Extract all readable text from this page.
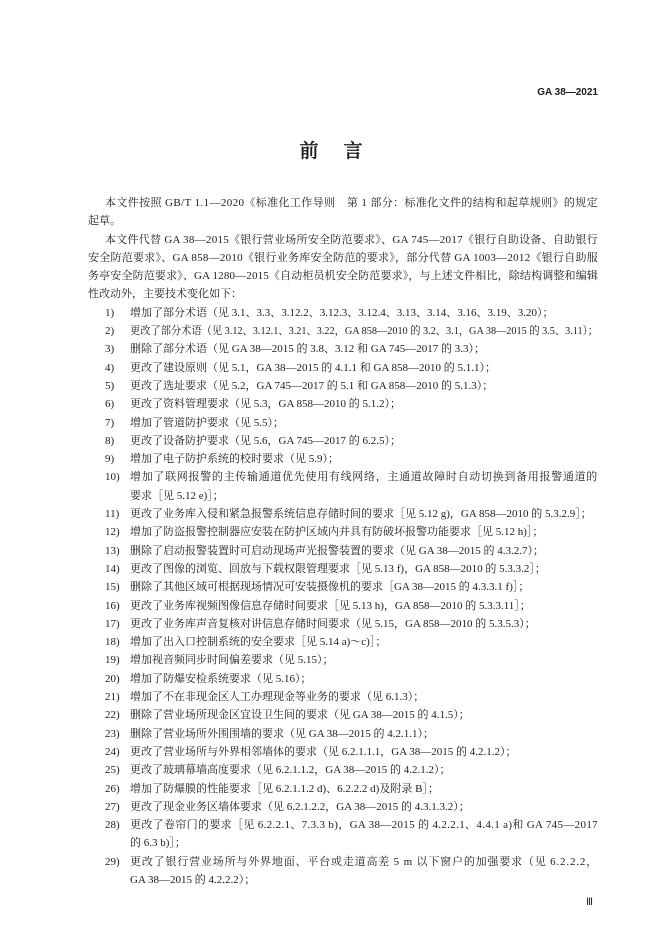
GA 38—2021
前　言
本文件按照 GB/T 1.1—2020《标准化工作导则　第 1 部分：标准化文件的结构和起草规则》的规定
起草。
本文件代替 GA 38—2015《银行营业场所安全防范要求》、GA 745—2017《银行自助设备、自助银行
安全防范要求》、GA 858—2010《银行业务库安全防范的要求》，部分代替 GA 1003—2012《银行自助服
务亭安全防范要求》、GA 1280—2015《自动柜员机安全防范要求》，与上述文件相比，除结构调整和编辑
性改动外，主要技术变化如下：
1) 增加了部分术语（见 3.1、3.3、3.12.2、3.12.3、3.12.4、3.13、3.14、3.16、3.19、3.20）；
2) 更改了部分术语（见 3.12、3.12.1、3.21、3.22，GA 858—2010 的 3.2、3.1，GA 38—2015 的 3.5、3.11）；
3) 删除了部分术语（见 GA 38—2015 的 3.8、3.12 和 GA 745—2017 的 3.3）；
4) 更改了建设原则（见 5.1，GA 38—2015 的 4.1.1 和 GA 858—2010 的 5.1.1）；
5) 更改了选址要求（见 5.2，GA 745—2017 的 5.1 和 GA 858—2010 的 5.1.3）；
6) 更改了资料管理要求（见 5.3，GA 858—2010 的 5.1.2）；
7) 增加了管道防护要求（见 5.5）；
8) 更改了设备防护要求（见 5.6，GA 745—2017 的 6.2.5）；
9) 增加了电子防护系统的校时要求（见 5.9）；
10) 增加了联网报警的主传输通道优先使用有线网络，主通道故障时自动切换到备用报警通道的
要求［见 5.12 e)］；
11) 更改了业务库入侵和紧急报警系统信息存储时间的要求［见 5.12 g)，GA 858—2010 的 5.3.2.9］；
12) 增加了防盗报警控制器应安装在防护区域内并具有防破坏报警功能要求［见 5.12 h)］；
13) 删除了启动报警装置时可启动现场声光报警装置的要求（见 GA 38—2015 的 4.3.2.7）；
14) 更改了图像的浏览、回放与下载权限管理要求［见 5.13 f)，GA 858—2010 的 5.3.3.2］；
15) 删除了其他区域可根据现场情况可安装摄像机的要求［GA 38—2015 的 4.3.3.1 f)］；
16) 更改了业务库视频图像信息存储时间要求［见 5.13 h)，GA 858—2010 的 5.3.3.11］；
17) 更改了业务库声音复核对讲信息存储时间要求（见 5.15，GA 858—2010 的 5.3.5.3）；
18) 增加了出入口控制系统的安全要求［见 5.14 a)～c)］；
19) 增加视音频同步时间偏差要求（见 5.15）；
20) 增加了防爆安检系统要求（见 5.16）；
21) 增加了不在非现金区人工办理现金等业务的要求（见 6.1.3）；
22) 删除了营业场所现金区宜设卫生间的要求（见 GA 38—2015 的 4.1.5）；
23) 删除了营业场所外围围墙的要求（见 GA 38—2015 的 4.2.1.1）；
24) 更改了营业场所与外界相邻墙体的要求（见 6.2.1.1.1，GA 38—2015 的 4.2.1.2）；
25) 更改了玻璃幕墙高度要求（见 6.2.1.1.2，GA 38—2015 的 4.2.1.2）；
26) 增加了防爆膜的性能要求［见 6.2.1.1.2 d)、6.2.2.2 d)及附录 B］；
27) 更改了现金业务区墙体要求（见 6.2.1.2.2，GA 38—2015 的 4.3.1.3.2）；
28) 更改了卷帘门的要求［见 6.2.2.1、7.3.3 b)，GA 38—2015 的 4.2.2.1、4.4.1 a)和 GA 745—2017
的 6.3 b)］；
29) 更改了银行营业场所与外界地面、平台或走道高差 5 m 以下窗户的加强要求（见 6.2.2.2，
GA 38—2015 的 4.2.2.2）；
Ⅲ
